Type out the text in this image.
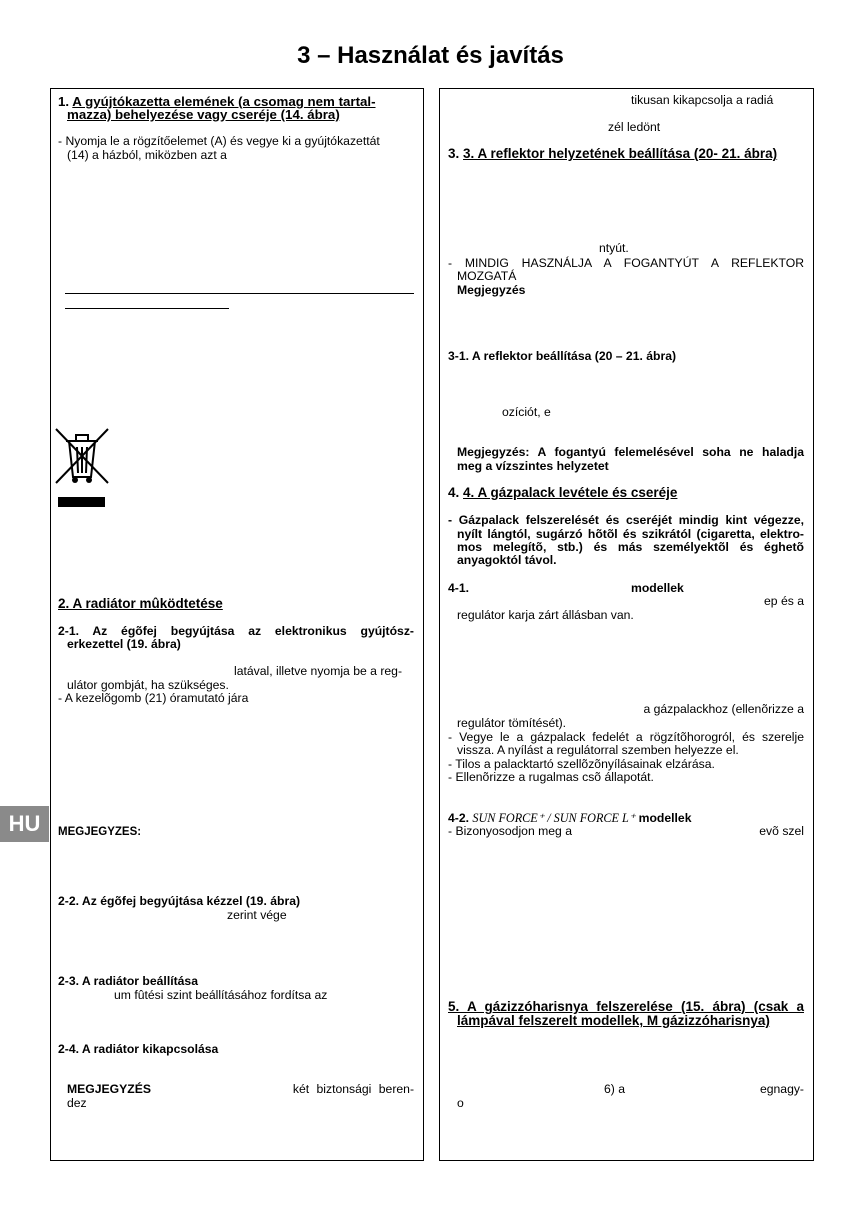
3 – Használat és javítás
HU
1. A gyújtókazetta elemének (a csomag nem tartal-
mazza) behelyezése vagy cseréje (14. ábra)
- Nyomja le a rögzítőelemet (A) és vegye ki a gyújtókazettát
(14) a házból, miközben azt a
2. A radiátor mûködtetése
2-1. Az égõfej begyújtása az elektronikus gyújtósz-
erkezettel (19. ábra)
latával, illetve nyomja be a reg-
ulátor gombját, ha szükséges.
- A kezelõgomb (21) óramutató jára
MEGJEGYZES:
2-2. Az égõfej begyújtása kézzel (19. ábra)
zerint vége
2-3. A radiátor beállítása
um fûtési szint beállításához fordítsa az
2-4. A radiátor kikapcsolása
MEGJEGYZÉS	két biztonsági beren-
dez
tikusan kikapcsolja a radiá
zél ledönt
3. 3. A reflektor helyzetének beállítása (20- 21. ábra)
ntyút.
- MINDIG HASZNÁLJA A FOGANTYÚT A REFLEKTOR
MOZGATÁ
Megjegyzés
3-1. A reflektor beállítása (20 – 21. ábra)
ozíciót, e
Megjegyzés: A fogantyú felemelésével soha ne haladja
meg a vízszintes helyzetet
4. 4. A gázpalack levétele és cseréje
- Gázpalack felszerelését és cseréjét mindig kint végezze,
nyílt lángtól, sugárzó hõtõl és szikrától (cigaretta, elektro-
mos melegítõ, stb.) és más személyektõl és éghetõ
anyagoktól távol.
4-1.	modellek
ep és a
regulátor karja zárt állásban van.
a gázpalackhoz (ellenõrizze a
regulátor tömítését).
- Vegye le a gázpalack fedelét a rögzítõhorogról, és szerelje
vissza. A nyílást a regulátorral szemben helyezze el.
- Tilos a palacktartó szellõzõnyílásainak elzárása.
- Ellenõrizze a rugalmas csõ állapotát.
4-2. SUN FORCE⁺ / SUN FORCE L⁺ modellek
- Bizonyosodjon meg a	evõ szel
5. A gázizzóharisnya felszerelése (15. ábra) (csak a
lámpával felszerelt modellek, M gázizzóharisnya)
6) a	egnagy-
o
